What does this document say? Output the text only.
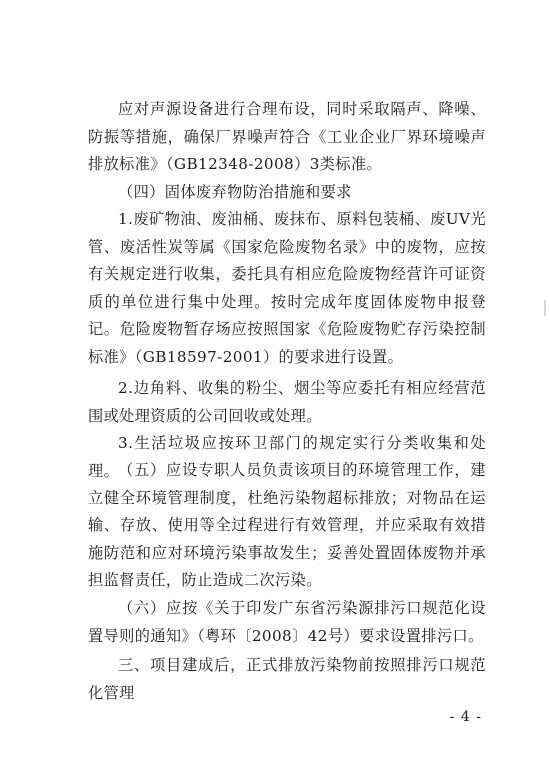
应对声源设备进行合理布设，同时采取隔声、降噪、防振等措施，确保厂界噪声符合《工业企业厂界环境噪声排放标准》（GB12348-2008）3类标准。

（四）固体废弃物防治措施和要求

1.废矿物油、废油桶、废抹布、原料包装桶、废UV光管、废活性炭等属《国家危险废物名录》中的废物，应按有关规定进行收集，委托具有相应危险废物经营许可证资质的单位进行集中处理。按时完成年度固体废物申报登记。危险废物暂存场应按照国家《危险废物贮存污染控制标准》（GB18597-2001）的要求进行设置。

2.边角料、收集的粉尘、烟尘等应委托有相应经营范围或处理资质的公司回收或处理。

3.生活垃圾应按环卫部门的规定实行分类收集和处理。

（五）应设专职人员负责该项目的环境管理工作，建立健全环境管理制度，杜绝污染物超标排放；对物品在运输、存放、使用等全过程进行有效管理，并应采取有效措施防范和应对环境污染事故发生；妥善处置固体废物并承担监督责任，防止造成二次污染。

（六）应按《关于印发广东省污染源排污口规范化设置导则的通知》（粤环〔2008〕42号）要求设置排污口。

三、项目建成后，正式排放污染物前按照排污口规范化管理

- 4 -
